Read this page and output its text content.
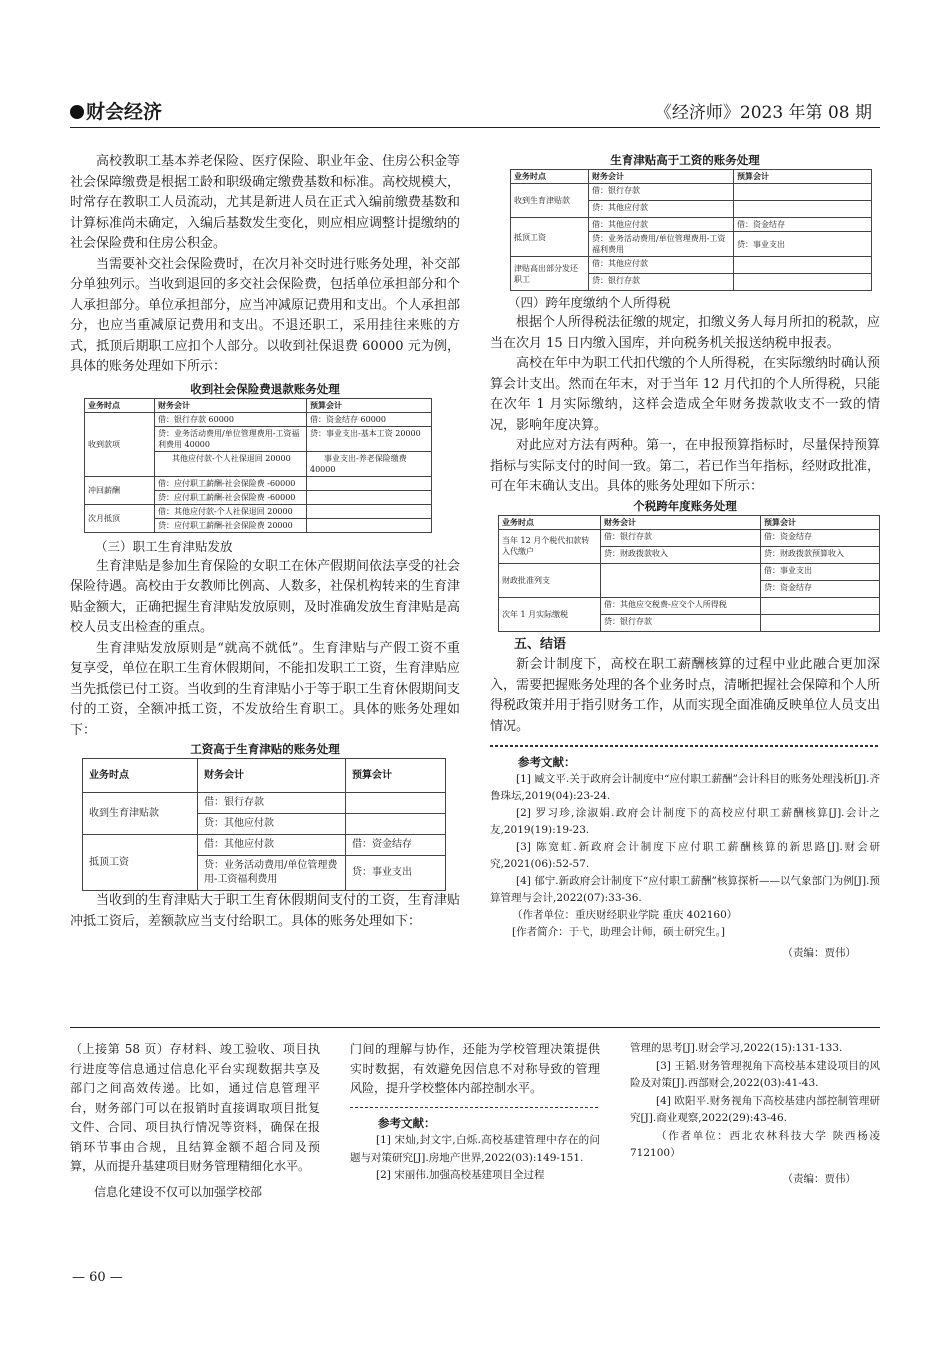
财会经济	《经济师》2023 年第 08 期

高校教职工基本养老保险、医疗保险、职业年金、住房公积金等社会保障缴费是根据工龄和职级确定缴费基数和标准。高校规模大，时常存在教职工人员流动，尤其是新进人员在正式入编前缴费基数和计算标准尚未确定，入编后基数发生变化，则应相应调整计提缴纳的社会保险费和住房公积金。

当需要补交社会保险费时，在次月补交时进行账务处理，补交部分单独列示。当收到退回的多交社会保险费，包括单位承担部分和个人承担部分。单位承担部分，应当冲减原记费用和支出。个人承担部分，也应当重减原记费用和支出。不退还职工，采用挂往来账的方式，抵顶后期职工应扣个人部分。以收到社保退费 60000 元为例，具体的账务处理如下所示：

收到社会保险费退款账务处理
业务时点	财务会计	预算会计
收到款项	借：银行存款 60000	借：资金结存 60000
	贷：业务活动费用/单位管理费用-工资福利费用 40000	贷：事业支出-基本工资 20000
	其他应付款-个人社保退回 20000	事业支出-养老保险缴费 40000
冲回薪酬	借：应付职工薪酬-社会保险费 -60000	
	贷：应付职工薪酬-社会保险费 -60000	
次月抵顶	借：其他应付款-个人社保退回 20000	
	贷：应付职工薪酬-社会保险费 20000	

（三）职工生育津贴发放

生育津贴是参加生育保险的女职工在休产假期间依法享受的社会保险待遇。高校由于女教师比例高、人数多，社保机构转来的生育津贴金额大，正确把握生育津贴发放原则，及时准确发放生育津贴是高校人员支出检查的重点。

生育津贴发放原则是“就高不就低”。生育津贴与产假工资不重复享受，单位在职工生育休假期间，不能扣发职工工资，生育津贴应当先抵偿已付工资。当收到的生育津贴小于等于职工生育休假期间支付的工资，全额冲抵工资，不发放给生育职工。具体的账务处理如下：

工资高于生育津贴的账务处理
业务时点	财务会计	预算会计
收到生育津贴款	借：银行存款	
	贷：其他应付款	
抵顶工资	借：其他应付款	借：资金结存
	贷：业务活动费用/单位管理费用-工资福利费用	贷：事业支出

当收到的生育津贴大于职工生育休假期间支付的工资，生育津贴冲抵工资后，差额款应当支付给职工。具体的账务处理如下：

生育津贴高于工资的账务处理
业务时点	财务会计	预算会计
收到生育津贴款	借：银行存款	
	贷：其他应付款	
抵顶工资	借：其他应付款	借：资金结存
	贷：业务活动费用/单位管理费用-工资福利费用	贷：事业支出
津贴高出部分发还职工	借：其他应付款	
	贷：银行存款	

（四）跨年度缴纳个人所得税

根据个人所得税法征缴的规定，扣缴义务人每月所扣的税款，应当在次月 15 日内缴入国库，并向税务机关报送纳税申报表。

高校在年中为职工代扣代缴的个人所得税，在实际缴纳时确认预算会计支出。然而在年末，对于当年 12 月代扣的个人所得税，只能在次年 1 月实际缴纳，这样会造成全年财务拨款收支不一致的情况，影响年度决算。

对此应对方法有两种。第一，在申报预算指标时，尽量保持预算指标与实际支付的时间一致。第二，若已作当年指标，经财政批准，可在年末确认支出。具体的账务处理如下所示：

个税跨年度账务处理
业务时点	财务会计	预算会计
当年 12 月个税代扣款转入代缴户	借：银行存款	借：资金结存
	贷：财政拨款收入	贷：财政拨款预算收入
财政批准列支		借：事业支出
		贷：资金结存
次年 1 月实际缴税	借：其他应交税费-应交个人所得税	
	贷：银行存款	

五、结语

新会计制度下，高校在职工薪酬核算的过程中业此融合更加深入，需要把握账务处理的各个业务时点，清晰把握社会保障和个人所得税政策并用于指引财务工作，从而实现全面准确反映单位人员支出情况。

参考文献：
[1] 臧文平.关于政府会计制度中“应付职工薪酬”会计科目的账务处理浅析[J].齐鲁珠坛,2019(04):23-24.
[2] 罗习珍,涂淑娟.政府会计制度下的高校应付职工薪酬核算[J].会计之友,2019(19):19-23.
[3] 陈宽虹.新政府会计制度下应付职工薪酬核算的新思路[J].财会研究,2021(06):52-57.
[4] 郁宁.新政府会计制度下“应付职工薪酬”核算探析——以气象部门为例[J].预算管理与会计,2022(07):33-36.
（作者单位：重庆财经职业学院 重庆 402160）
[作者简介：于弋，助理会计师，硕士研究生。]
（责编：贾伟）

（上接第 58 页）存材料、竣工验收、项目执行进度等信息通过信息化平台实现数据共享及部门之间高效传递。比如，通过信息管理平台，财务部门可以在报销时直接调取项目批复文件、合同、项目执行情况等资料，确保在报销环节事由合规，且结算金额不超合同及预算，从而提升基建项目财务管理精细化水平。

信息化建设不仅可以加强学校部

门间的理解与协作，还能为学校管理决策提供实时数据，有效避免因信息不对称导致的管理风险，提升学校整体内部控制水平。

参考文献：
[1] 宋灿,封文宇,白烁.高校基建管理中存在的问题与对策研究[J].房地产世界,2022(03):149-151.
[2] 宋丽伟.加强高校基建项目全过程
管理的思考[J].财会学习,2022(15):131-133.
[3] 王韬.财务管理视角下高校基本建设项目的风险及对策[J].西部财会,2022(03):41-43.
[4] 欧阳平.财务视角下高校基建内部控制管理研究[J].商业观察,2022(29):43-46.
（作者单位：西北农林科技大学 陕西杨凌 712100）
（责编：贾伟）
— 60 —
